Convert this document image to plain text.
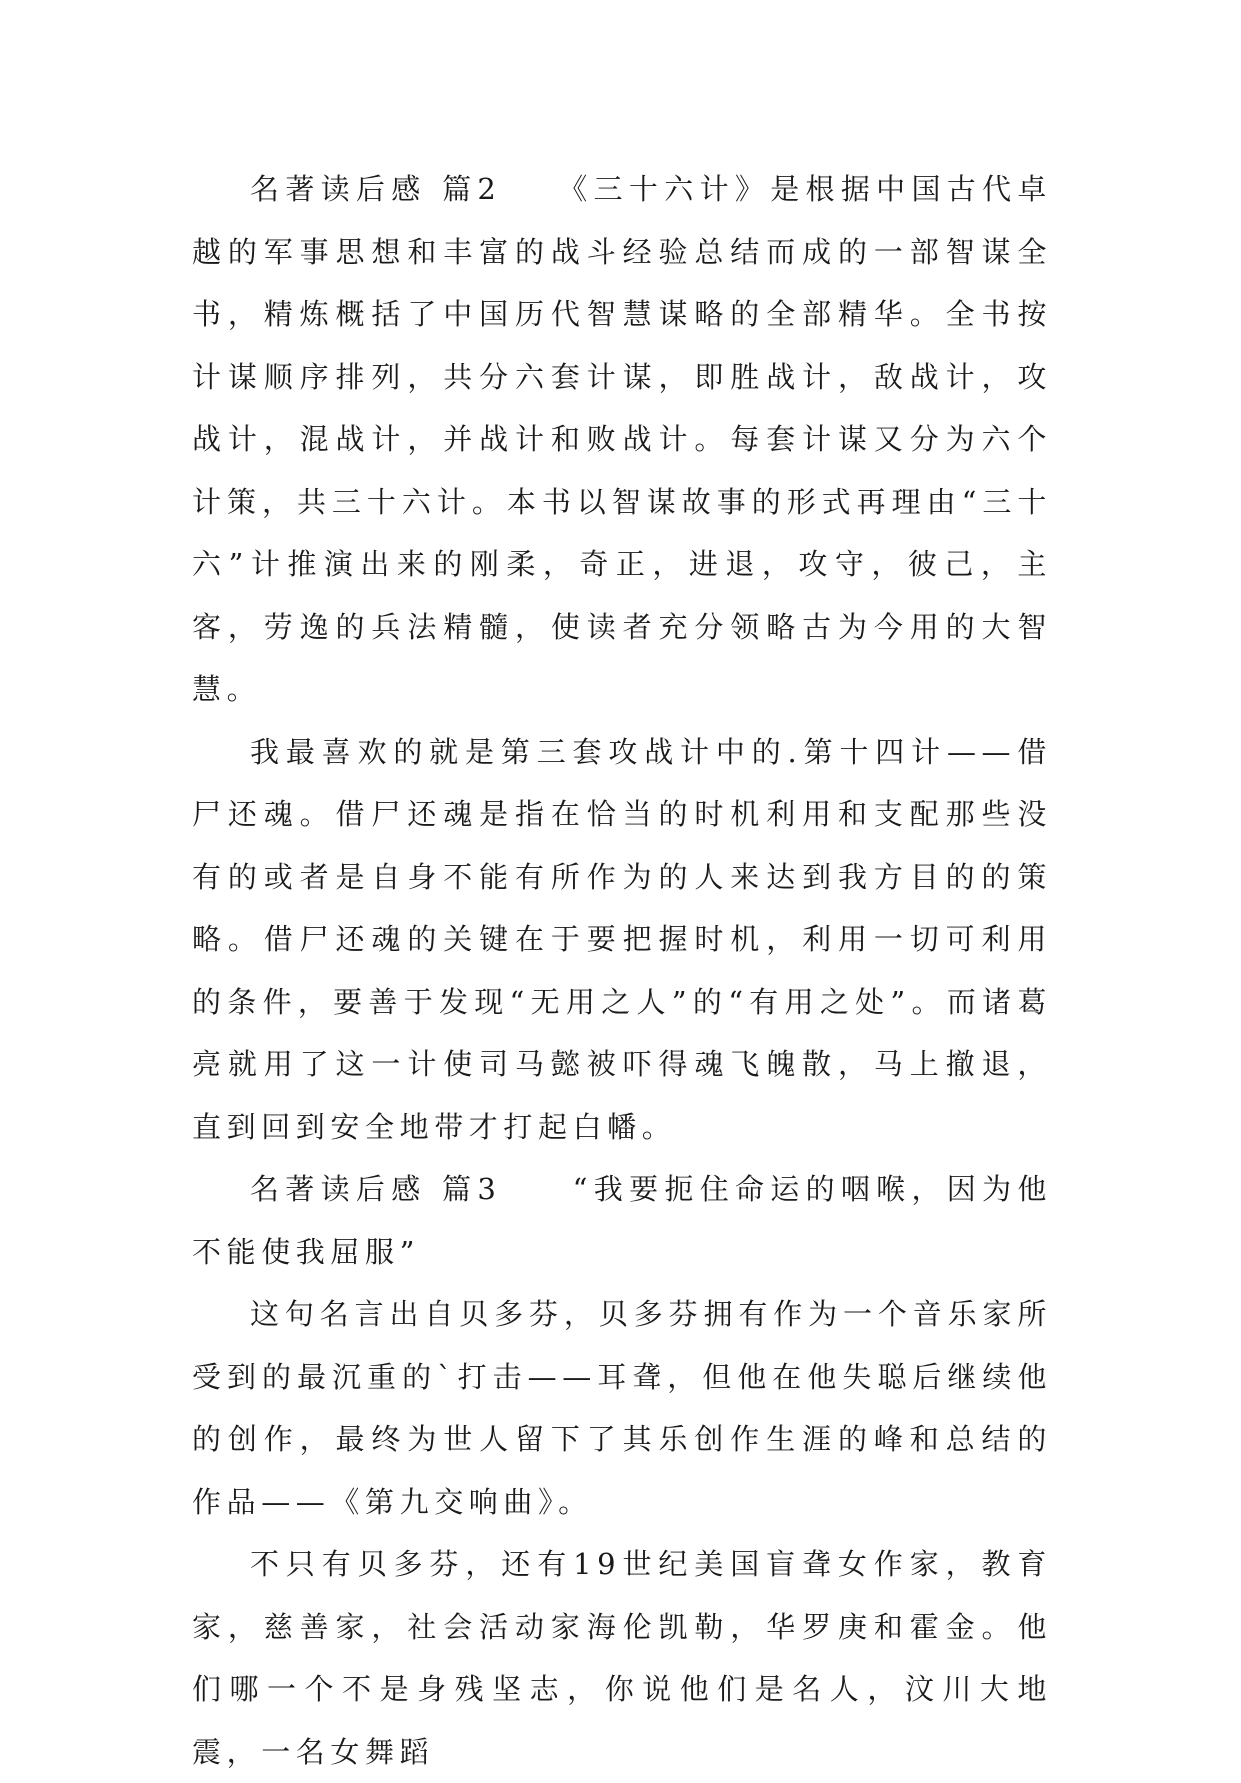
名著读后感 篇2　　《三十六计》是根据中国古代卓越的军事思想和丰富的战斗经验总结而成的一部智谋全书，精炼概括了中国历代智慧谋略的全部精华。全书按计谋顺序排列，共分六套计谋，即胜战计，敌战计，攻战计，混战计，并战计和败战计。每套计谋又分为六个计策，共三十六计。本书以智谋故事的形式再理由“三十六”计推演出来的刚柔，奇正，进退，攻守，彼己，主客，劳逸的兵法精髓，使读者充分领略古为今用的大智慧。

我最喜欢的就是第三套攻战计中的.第十四计——借尸还魂。借尸还魂是指在恰当的时机利用和支配那些没有的或者是自身不能有所作为的人来达到我方目的的策略。借尸还魂的关键在于要把握时机，利用一切可利用的条件，要善于发现“无用之人”的“有用之处”。而诸葛亮就用了这一计使司马懿被吓得魂飞魄散，马上撤退，直到回到安全地带才打起白幡。

名著读后感 篇3　　“我要扼住命运的咽喉，因为他不能使我屈服”

这句名言出自贝多芬，贝多芬拥有作为一个音乐家所受到的最沉重的`打击——耳聋，但他在他失聪后继续他的创作，最终为世人留下了其乐创作生涯的峰和总结的作品——《第九交响曲》。

不只有贝多芬，还有19世纪美国盲聋女作家，教育家，慈善家，社会活动家海伦凯勒，华罗庚和霍金。他们哪一个不是身残坚志，你说他们是名人，汶川大地震，一名女舞蹈
